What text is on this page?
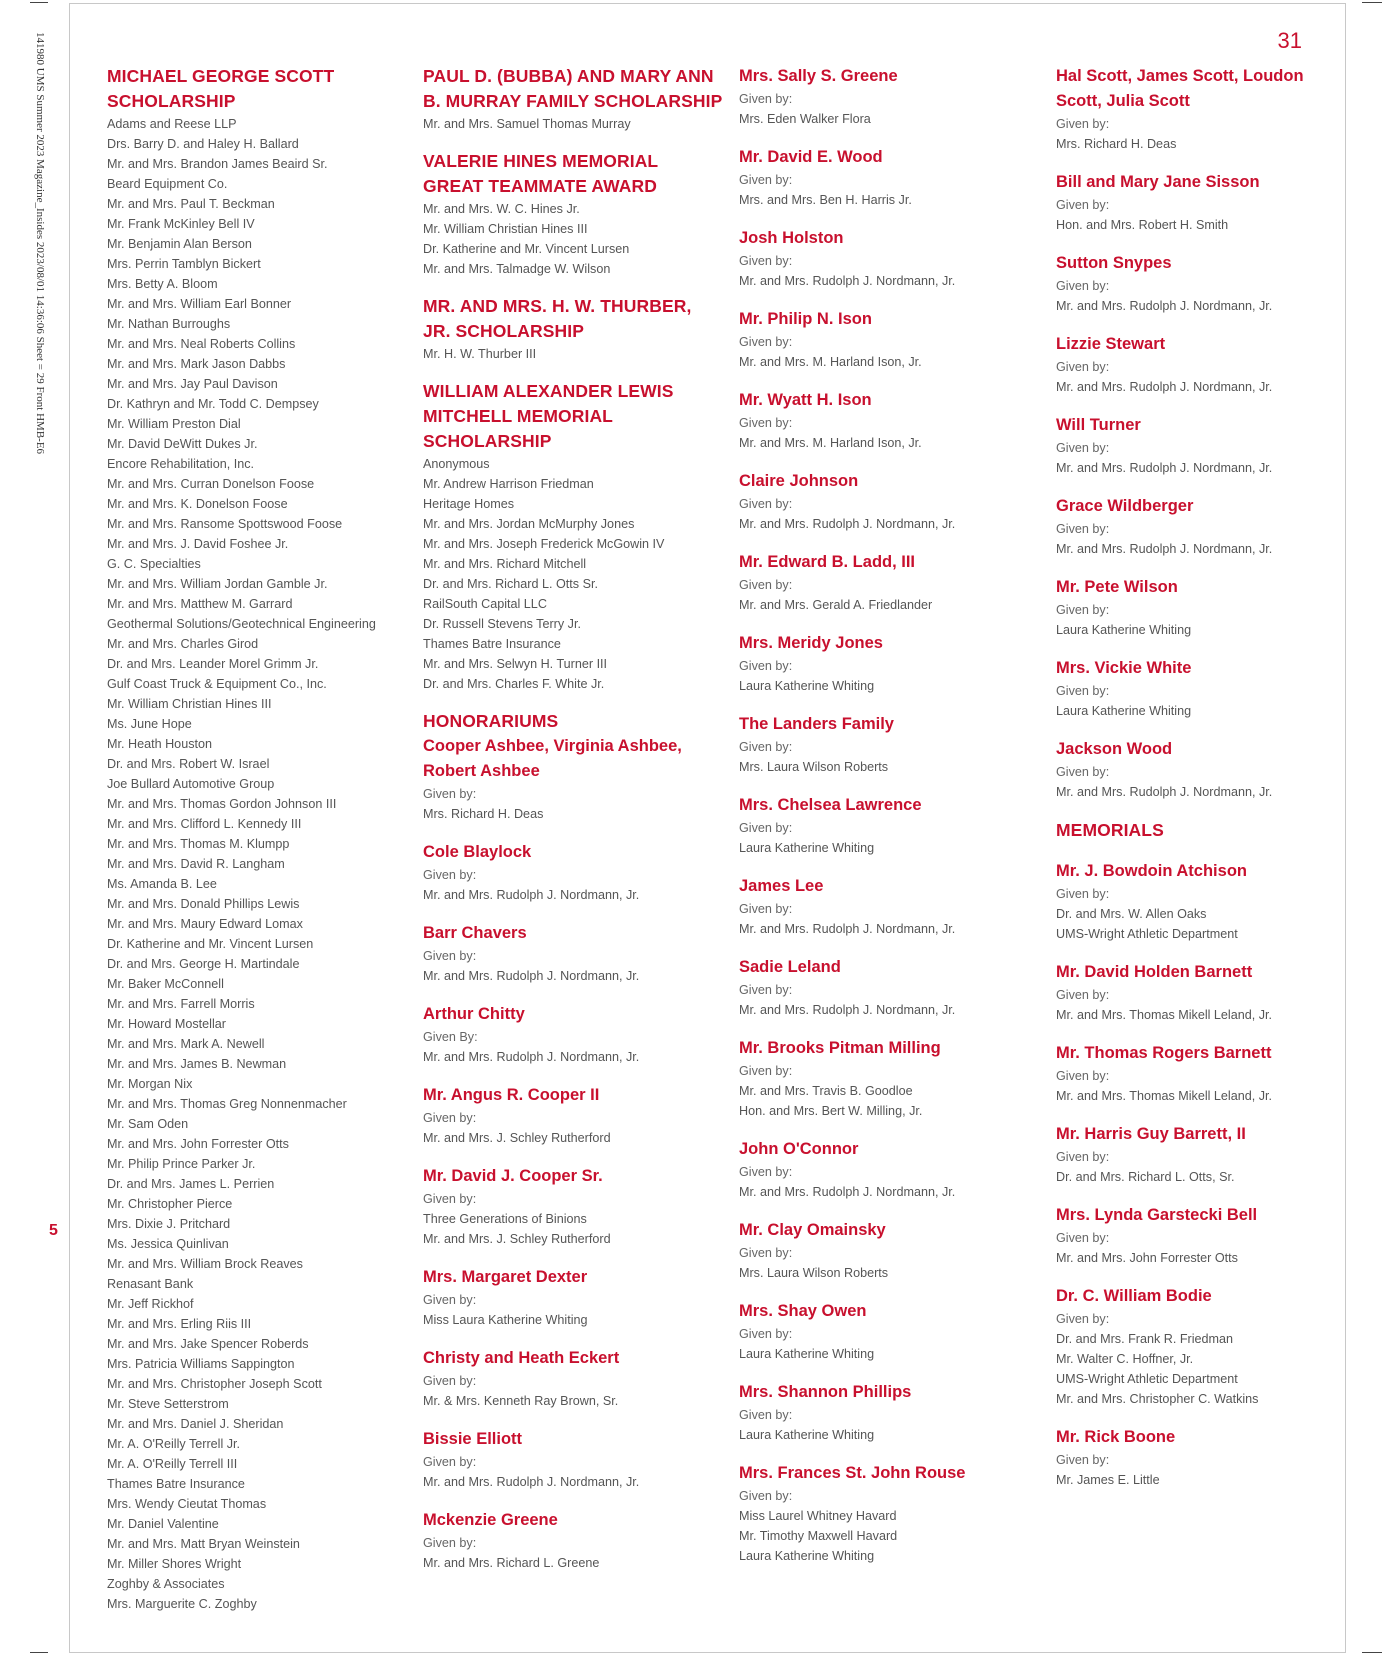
141980 UMS Summer 2023 Magazine_Insides 2023/08/01 14:36:06 Sheet = 29 Front HMB-E6
5
31
MICHAEL GEORGE SCOTT SCHOLARSHIP
Adams and Reese LLP
Drs. Barry D. and Haley H. Ballard
Mr. and Mrs. Brandon James Beaird Sr.
Beard Equipment Co.
Mr. and Mrs. Paul T. Beckman
Mr. Frank McKinley Bell IV
Mr. Benjamin Alan Berson
Mrs. Perrin Tamblyn Bickert
Mrs. Betty A. Bloom
Mr. and Mrs. William Earl Bonner
Mr. Nathan Burroughs
Mr. and Mrs. Neal Roberts Collins
Mr. and Mrs. Mark Jason Dabbs
Mr. and Mrs. Jay Paul Davison
Dr. Kathryn and Mr. Todd C. Dempsey
Mr. William Preston Dial
Mr. David DeWitt Dukes Jr.
Encore Rehabilitation, Inc.
Mr. and Mrs. Curran Donelson Foose
Mr. and Mrs. K. Donelson Foose
Mr. and Mrs. Ransome Spottswood Foose
Mr. and Mrs. J. David Foshee Jr.
G. C. Specialties
Mr. and Mrs. William Jordan Gamble Jr.
Mr. and Mrs. Matthew M. Garrard
Geothermal Solutions/Geotechnical Engineering
Mr. and Mrs. Charles Girod
Dr. and Mrs. Leander Morel Grimm Jr.
Gulf Coast Truck & Equipment Co., Inc.
Mr. William Christian Hines III
Ms. June Hope
Mr. Heath Houston
Dr. and Mrs. Robert W. Israel
Joe Bullard Automotive Group
Mr. and Mrs. Thomas Gordon Johnson III
Mr. and Mrs. Clifford L. Kennedy III
Mr. and Mrs. Thomas M. Klumpp
Mr. and Mrs. David R. Langham
Ms. Amanda B. Lee
Mr. and Mrs. Donald Phillips Lewis
Mr. and Mrs. Maury Edward Lomax
Dr. Katherine and Mr. Vincent Lursen
Dr. and Mrs. George H. Martindale
Mr. Baker McConnell
Mr. and Mrs. Farrell Morris
Mr. Howard Mostellar
Mr. and Mrs. Mark A. Newell
Mr. and Mrs. James B. Newman
Mr. Morgan Nix
Mr. and Mrs. Thomas Greg Nonnenmacher
Mr. Sam Oden
Mr. and Mrs. John Forrester Otts
Mr. Philip Prince Parker Jr.
Dr. and Mrs. James L. Perrien
Mr. Christopher Pierce
Mrs. Dixie J. Pritchard
Ms. Jessica Quinlivan
Mr. and Mrs. William Brock Reaves
Renasant Bank
Mr. Jeff Rickhof
Mr. and Mrs. Erling Riis III
Mr. and Mrs. Jake Spencer Roberds
Mrs. Patricia Williams Sappington
Mr. and Mrs. Christopher Joseph Scott
Mr. Steve Setterstrom
Mr. and Mrs. Daniel J. Sheridan
Mr. A. O'Reilly Terrell Jr.
Mr. A. O'Reilly Terrell III
Thames Batre Insurance
Mrs. Wendy Cieutat Thomas
Mr. Daniel Valentine
Mr. and Mrs. Matt Bryan Weinstein
Mr. Miller Shores Wright
Zoghby & Associates
Mrs. Marguerite C. Zoghby
PAUL D. (BUBBA) AND MARY ANN B. MURRAY FAMILY SCHOLARSHIP
Mr. and Mrs. Samuel Thomas Murray
VALERIE HINES MEMORIAL GREAT TEAMMATE AWARD
Mr. and Mrs. W. C. Hines Jr.
Mr. William Christian Hines III
Dr. Katherine and Mr. Vincent Lursen
Mr. and Mrs. Talmadge W. Wilson
MR. AND MRS. H. W. THURBER, JR. SCHOLARSHIP
Mr. H. W. Thurber III
WILLIAM ALEXANDER LEWIS MITCHELL MEMORIAL SCHOLARSHIP
Anonymous
Mr. Andrew Harrison Friedman
Heritage Homes
Mr. and Mrs. Jordan McMurphy Jones
Mr. and Mrs. Joseph Frederick McGowin IV
Mr. and Mrs. Richard Mitchell
Dr. and Mrs. Richard L. Otts Sr.
RailSouth Capital LLC
Dr. Russell Stevens Terry Jr.
Thames Batre Insurance
Mr. and Mrs. Selwyn H. Turner III
Dr. and Mrs. Charles F. White Jr.
HONORARIUMS
Cooper Ashbee, Virginia Ashbee, Robert Ashbee
Given by:
Mrs. Richard H. Deas
Cole Blaylock
Given by:
Mr. and Mrs. Rudolph J. Nordmann, Jr.
Barr Chavers
Given by:
Mr. and Mrs. Rudolph J. Nordmann, Jr.
Arthur Chitty
Given By:
Mr. and Mrs. Rudolph J. Nordmann, Jr.
Mr. Angus R. Cooper II
Given by:
Mr. and Mrs. J. Schley Rutherford
Mr. David J. Cooper Sr.
Given by:
Three Generations of Binions
Mr. and Mrs. J. Schley Rutherford
Mrs. Margaret Dexter
Given by:
Miss Laura Katherine Whiting
Christy and Heath Eckert
Given by:
Mr. & Mrs. Kenneth Ray Brown, Sr.
Bissie Elliott
Given by:
Mr. and Mrs. Rudolph J. Nordmann, Jr.
Mckenzie Greene
Given by:
Mr. and Mrs. Richard L. Greene
Mrs. Sally S. Greene
Given by:
Mrs. Eden Walker Flora
Mr. David E. Wood
Given by:
Mrs. and Mrs. Ben H. Harris Jr.
Josh Holston
Given by:
Mr. and Mrs. Rudolph J. Nordmann, Jr.
Mr. Philip N. Ison
Given by:
Mr. and Mrs. M. Harland Ison, Jr.
Mr. Wyatt H. Ison
Given by:
Mr. and Mrs. M. Harland Ison, Jr.
Claire Johnson
Given by:
Mr. and Mrs. Rudolph J. Nordmann, Jr.
Mr. Edward B. Ladd, III
Given by:
Mr. and Mrs. Gerald A. Friedlander
Mrs. Meridy Jones
Given by:
Laura Katherine Whiting
The Landers Family
Given by:
Mrs. Laura Wilson Roberts
Mrs. Chelsea Lawrence
Given by:
Laura Katherine Whiting
James Lee
Given by:
Mr. and Mrs. Rudolph J. Nordmann, Jr.
Sadie Leland
Given by:
Mr. and Mrs. Rudolph J. Nordmann, Jr.
Mr. Brooks Pitman Milling
Given by:
Mr. and Mrs. Travis B. Goodloe
Hon. and Mrs. Bert W. Milling, Jr.
John O'Connor
Given by:
Mr. and Mrs. Rudolph J. Nordmann, Jr.
Mr. Clay Omainsky
Given by:
Mrs. Laura Wilson Roberts
Mrs. Shay Owen
Given by:
Laura Katherine Whiting
Mrs. Shannon Phillips
Given by:
Laura Katherine Whiting
Mrs. Frances St. John Rouse
Given by:
Miss Laurel Whitney Havard
Mr. Timothy Maxwell Havard
Laura Katherine Whiting
Hal Scott, James Scott, Loudon Scott, Julia Scott
Given by:
Mrs. Richard H. Deas
Bill and Mary Jane Sisson
Given by:
Hon. and Mrs. Robert H. Smith
Sutton Snypes
Given by:
Mr. and Mrs. Rudolph J. Nordmann, Jr.
Lizzie Stewart
Given by:
Mr. and Mrs. Rudolph J. Nordmann, Jr.
Will Turner
Given by:
Mr. and Mrs. Rudolph J. Nordmann, Jr.
Grace Wildberger
Given by:
Mr. and Mrs. Rudolph J. Nordmann, Jr.
Mr. Pete Wilson
Given by:
Laura Katherine Whiting
Mrs. Vickie White
Given by:
Laura Katherine Whiting
Jackson Wood
Given by:
Mr. and Mrs. Rudolph J. Nordmann, Jr.
MEMORIALS
Mr. J. Bowdoin Atchison
Given by:
Dr. and Mrs. W. Allen Oaks
UMS-Wright Athletic Department
Mr. David Holden Barnett
Given by:
Mr. and Mrs. Thomas Mikell Leland, Jr.
Mr. Thomas Rogers Barnett
Given by:
Mr. and Mrs. Thomas Mikell Leland, Jr.
Mr. Harris Guy Barrett, II
Given by:
Dr. and Mrs. Richard L. Otts, Sr.
Mrs. Lynda Garstecki Bell
Given by:
Mr. and Mrs. John Forrester Otts
Dr. C. William Bodie
Given by:
Dr. and Mrs. Frank R. Friedman
Mr. Walter C. Hoffner, Jr.
UMS-Wright Athletic Department
Mr. and Mrs. Christopher C. Watkins
Mr. Rick Boone
Given by:
Mr. James E. Little
